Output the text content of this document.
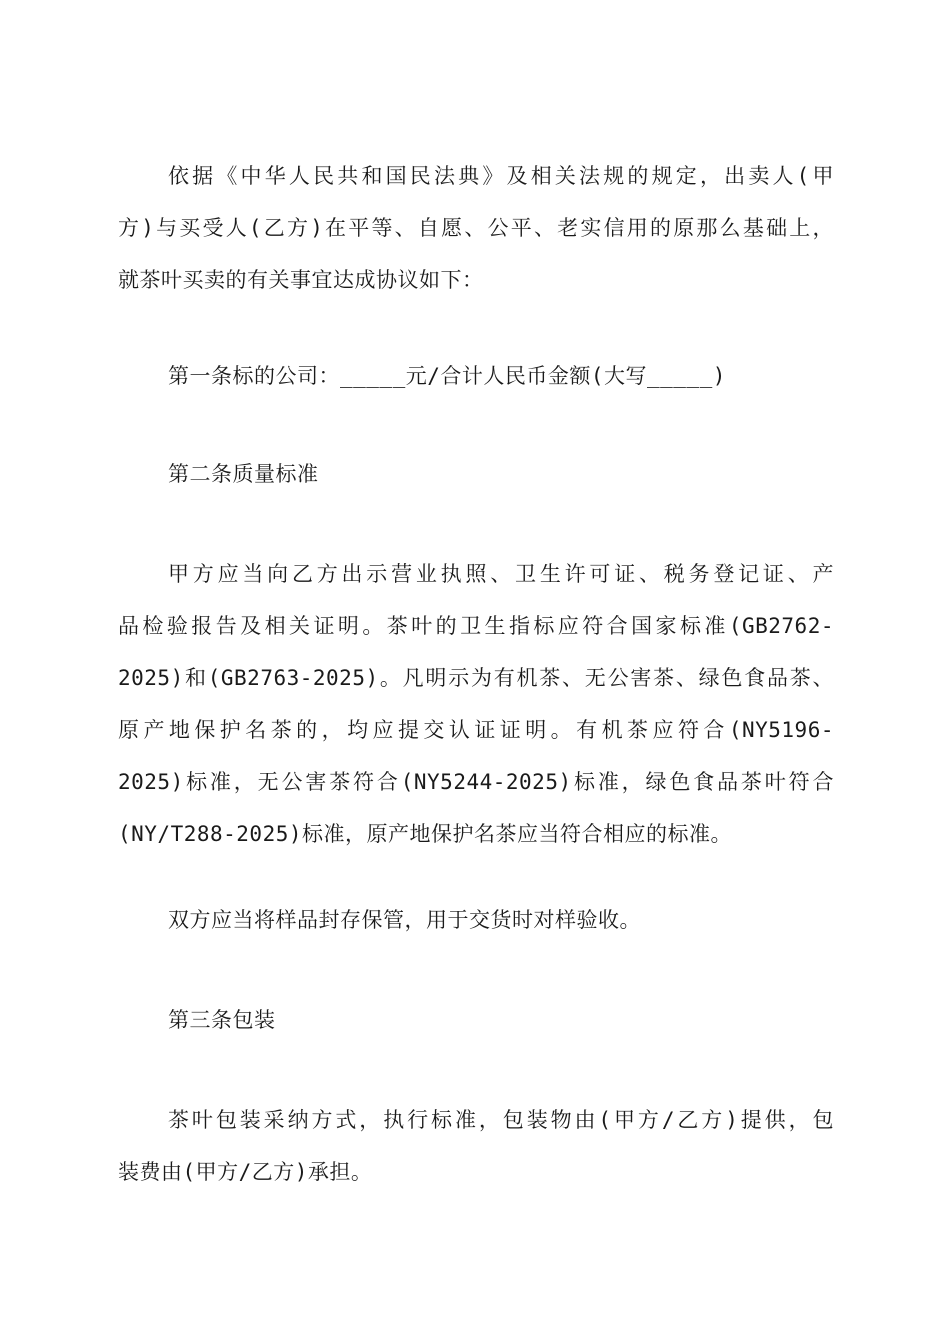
依据《中华人民共和国民法典》及相关法规的规定，出卖人(甲
方)与买受人(乙方)在平等、自愿、公平、老实信用的原那么基础上，
就茶叶买卖的有关事宜达成协议如下：
第一条标的公司：_____元/合计人民币金额(大写_____)
第二条质量标准
甲方应当向乙方出示营业执照、卫生许可证、税务登记证、产
品检验报告及相关证明。茶叶的卫生指标应符合国家标准(GB2762-
2025)和(GB2763-2025)。凡明示为有机茶、无公害茶、绿色食品茶、
原产地保护名茶的，均应提交认证证明。有机茶应符合(NY5196-
2025)标准，无公害茶符合(NY5244-2025)标准，绿色食品茶叶符合
(NY/T288-2025)标准，原产地保护名茶应当符合相应的标准。
双方应当将样品封存保管，用于交货时对样验收。
第三条包装
茶叶包装采纳方式，执行标准，包装物由(甲方/乙方)提供，包
装费由(甲方/乙方)承担。
